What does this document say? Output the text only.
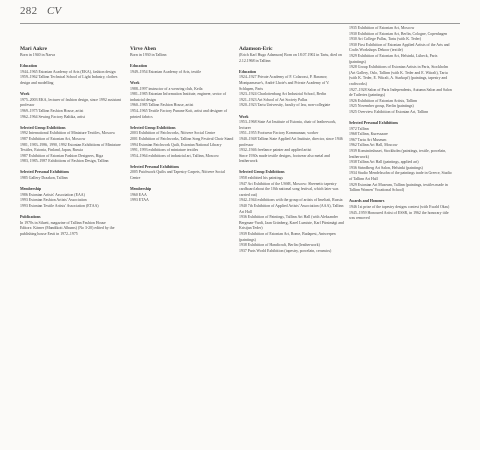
282 CV
Mari Aakre
Born in 1940 in Narva
Education
1944–1965 Estonian Academy of Arts (EKA), fashion design
1959–1962 Tallinn Technical School of Light Industry, clothes design and modelling
Work
1975–2003 EKA, lecturer of fashion design, since 1992 assistant professor
1969–1975 Tallinn Fashion House, artist
1962–1964 Sewing Factory Baltika, artist
Selected Group Exhibitions
1992 International Exhibition of Miniature Textiles, Moscow
1987 Exhibition of Estonian Art, Moscow
1981, 1983–1986, 1990, 1992 Estonian Exhibitions of Miniature Textiles, Estonia, Finland, Japan, Russia
1987 Exhibition of Estonian Fashion Designers, Riga
1983, 1985–1987 Exhibitions of Fashion Design, Tallinn
Selected Personal Exhibitions
1985 Gallery Draakon, Tallinn
Membership
1986 Estonian Artists' Association (EAA)
1993 Estonian Fashion Artists' Association
1993 Estonian Textile Artists' Association (ETAA)
Publications
In 1970s in Siluett, magazine of Tallinn Fashion House
Editors: Kärner (Mandikott Albums) (No 3-20) edited by the publishing house Eesti in 1972–1975
Virve Aben
Born in 1930 in Tallinn
Education
1949–1954 Estonian Academy of Arts, textile
Work
1988–1997 instructor of a weaving club, Keila
1981–1985 Estonian Information Institute, engineer, sector of industrial design
1960–1985 Tallinn Fashion House, artist
1954–1965 Textile Factory Punane Koit, artist and designer of printed fabrics
Selected Group Exhibitions
2003 Exhibition of Patchworks, Niitvere Social Centre
2001 Exhibition of Patchworks, Tallinn Song Festival Choir Stand
1994 Estonian Patchwork Quilt, Estonian National Library
1991, 1993 exhibitions of miniature textiles
1954–1964 exhibitions of industrial art, Tallinn, Moscow
Selected Personal Exhibitions
2005 Patchwork Quilts and Tapestry Carpets, Niitvere Social Centre
Membership
1960 EAA
1993 ETAA
Adamson-Eric
(Erich Karl Hugo Adamson) Born on 18.07.1902 in Tartu, died on 2.12.1968 in Tallinn
Education
1924–1927 Private Academy of F. Colarossi, P. Baranov, Montparnasse's, André Lhote's and Private Academy of V. Schlapen, Paris
1923–1924 Charlottenburg Art Industrial School, Berlin
1921–1923 Art School of Art Society Pallas
1920–1923 Tartu University, faculty of law, non-collegiate
Work
1953–1968 State Art Institute of Estonia, chair of leatherwork, lecturer
1951–1955 Footwear Factory Kommunaar, worker
1940–1948 Tallinn State Applied Art Institute, director, since 1946 professor
1932–1946 freelance painter and applied artist
Since 1930s made textile designs, footwear also metal and leatherwork
Selected Group Exhibitions
1958 exhibited his paintings
1947 Art Exhibition of the USSR, Moscow: Sheenetic tapestry cardboard about the 10th national song festival, which later was carried out)
1942–1944 exhibitions with the group of artists of Imeltati, Russia
1940 7th Exhibition of Applied Artists' Association (AAA), Tallinn Art Hall
1936 Exhibition of Paintings, Tallinn Art Hall (with Aleksander Bergman-Vardi, Jaan Grünberg, Karel Lumiste, Karl Pärsimägi and Kristjan Teder)
1939 Exhibition of Estonian Art, Rome, Budapest, Antwerpen (paintings)
1938 Exhibition of Handicraft, Berlin (leatherwork)
1937 Paris World Exhibition (tapestry, porcelain, ceramics)
1935 Exhibition of Estonian Art, Moscow
1930 Exhibition of Estonian Art, Berlin, Cologne, Copenhagen
1930 Art College Pallas, Tartu (with K. Teder)
1930 First Exhibition of Estonian Applied Artists of the Arts and Crafts Workshops Dekoor (textile)
1929 Exhibition of Estonian Art, Helsinki, Lübeck, Paris (paintings)
1928 Group Exhibitions of Estonian Artists in Paris, Stockholm (Art Gallery, Oslo, Tallinn (with K. Teder and E. Wiiralt), Tartu (with K. Teder, E. Wiiralt, A. Starkopf) (paintings, tapestry and craftworks)
1927–1928 Salon of Paris Independents, Autumn Salon and Salon de Tuileries (paintings)
1926 Exhibition of Estonian Artists, Tallinn
1925 November group, Berlin (paintings)
1925 Overview Exhibition of Estonian Art, Tallinn
Selected Personal Exhibitions
1972 Tallinn
1968 Tallinn, Kuressaare
1967 Tartu Art Museum
1962 Tallinn Art Hall, Moscow
1939 Konstnärshuset, Stockholm (paintings, textile, porcelain, leatherwork)
1938 Tallinn Art Hall (paintings, applied art)
1936 Strindberg Art Salon, Helsinki (paintings)
1934 Studio Mendelssohn of the paintings trade in Greece, Studio of Tallinn Art Hall
1929 Estonian Art Museum, Tallinn (paintings, textiles made in Tallinn Women' Vocational School)
Awards and Honours
1946 1st prize of the tapestry designs contest (with Ewald Okas)
1945–1959 Honoured Artist of ESSR, in 1962 the honorary title was removed
